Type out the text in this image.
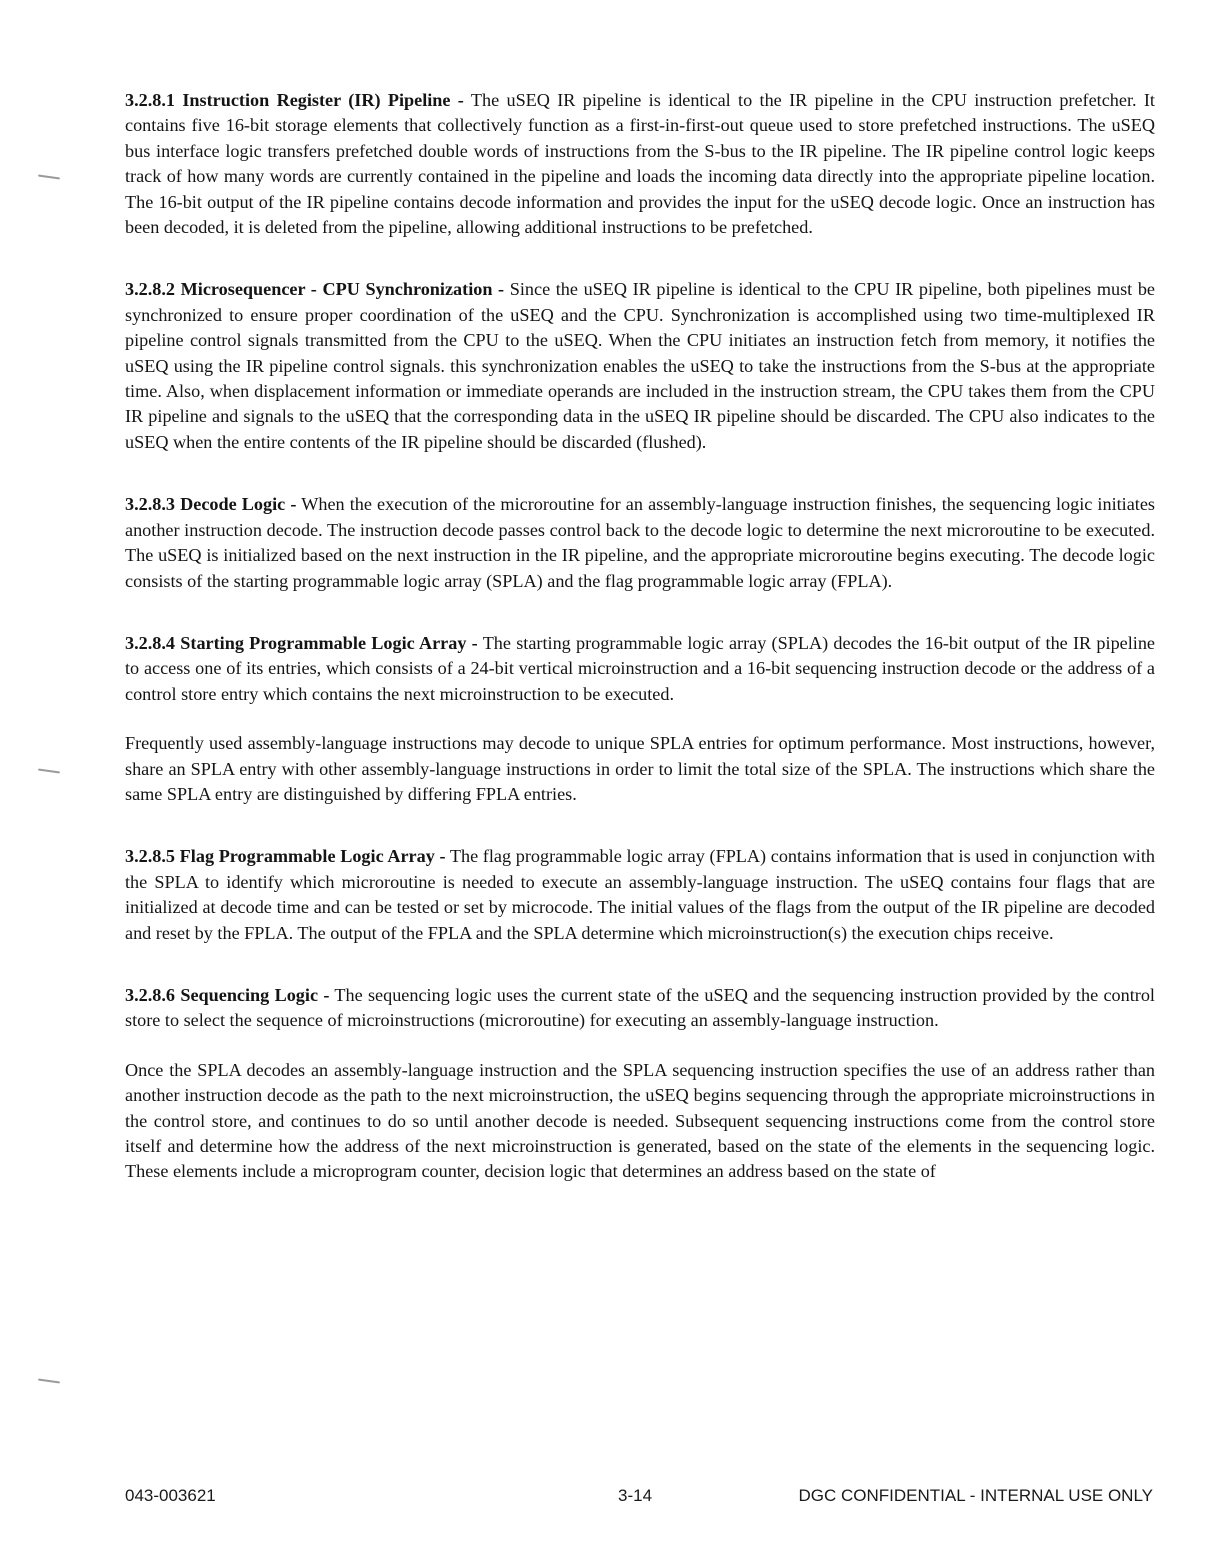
3.2.8.1 Instruction Register (IR) Pipeline - The uSEQ IR pipeline is identical to the IR pipeline in the CPU instruction prefetcher. It contains five 16-bit storage elements that collectively function as a first-in-first-out queue used to store prefetched instructions. The uSEQ bus interface logic transfers prefetched double words of instructions from the S-bus to the IR pipeline. The IR pipeline control logic keeps track of how many words are currently contained in the pipeline and loads the incoming data directly into the appropriate pipeline location. The 16-bit output of the IR pipeline contains decode information and provides the input for the uSEQ decode logic. Once an instruction has been decoded, it is deleted from the pipeline, allowing additional instructions to be prefetched.

3.2.8.2 Microsequencer - CPU Synchronization - Since the uSEQ IR pipeline is identical to the CPU IR pipeline, both pipelines must be synchronized to ensure proper coordination of the uSEQ and the CPU. Synchronization is accomplished using two time-multiplexed IR pipeline control signals transmitted from the CPU to the uSEQ. When the CPU initiates an instruction fetch from memory, it notifies the uSEQ using the IR pipeline control signals. this synchronization enables the uSEQ to take the instructions from the S-bus at the appropriate time. Also, when displacement information or immediate operands are included in the instruction stream, the CPU takes them from the CPU IR pipeline and signals to the uSEQ that the corresponding data in the uSEQ IR pipeline should be discarded. The CPU also indicates to the uSEQ when the entire contents of the IR pipeline should be discarded (flushed).

3.2.8.3 Decode Logic - When the execution of the microroutine for an assembly-language instruction finishes, the sequencing logic initiates another instruction decode. The instruction decode passes control back to the decode logic to determine the next microroutine to be executed. The uSEQ is initialized based on the next instruction in the IR pipeline, and the appropriate microroutine begins executing. The decode logic consists of the starting programmable logic array (SPLA) and the flag programmable logic array (FPLA).

3.2.8.4 Starting Programmable Logic Array - The starting programmable logic array (SPLA) decodes the 16-bit output of the IR pipeline to access one of its entries, which consists of a 24-bit vertical microinstruction and a 16-bit sequencing instruction decode or the address of a control store entry which contains the next microinstruction to be executed.

Frequently used assembly-language instructions may decode to unique SPLA entries for optimum performance. Most instructions, however, share an SPLA entry with other assembly-language instructions in order to limit the total size of the SPLA. The instructions which share the same SPLA entry are distinguished by differing FPLA entries.

3.2.8.5 Flag Programmable Logic Array - The flag programmable logic array (FPLA) contains information that is used in conjunction with the SPLA to identify which microroutine is needed to execute an assembly-language instruction. The uSEQ contains four flags that are initialized at decode time and can be tested or set by microcode. The initial values of the flags from the output of the IR pipeline are decoded and reset by the FPLA. The output of the FPLA and the SPLA determine which microinstruction(s) the execution chips receive.

3.2.8.6 Sequencing Logic - The sequencing logic uses the current state of the uSEQ and the sequencing instruction provided by the control store to select the sequence of microinstructions (microroutine) for executing an assembly-language instruction.

Once the SPLA decodes an assembly-language instruction and the SPLA sequencing instruction specifies the use of an address rather than another instruction decode as the path to the next microinstruction, the uSEQ begins sequencing through the appropriate microinstructions in the control store, and continues to do so until another decode is needed. Subsequent sequencing instructions come from the control store itself and determine how the address of the next microinstruction is generated, based on the state of the elements in the sequencing logic. These elements include a microprogram counter, decision logic that determines an address based on the state of

043-003621	3-14	DGC CONFIDENTIAL - INTERNAL USE ONLY
